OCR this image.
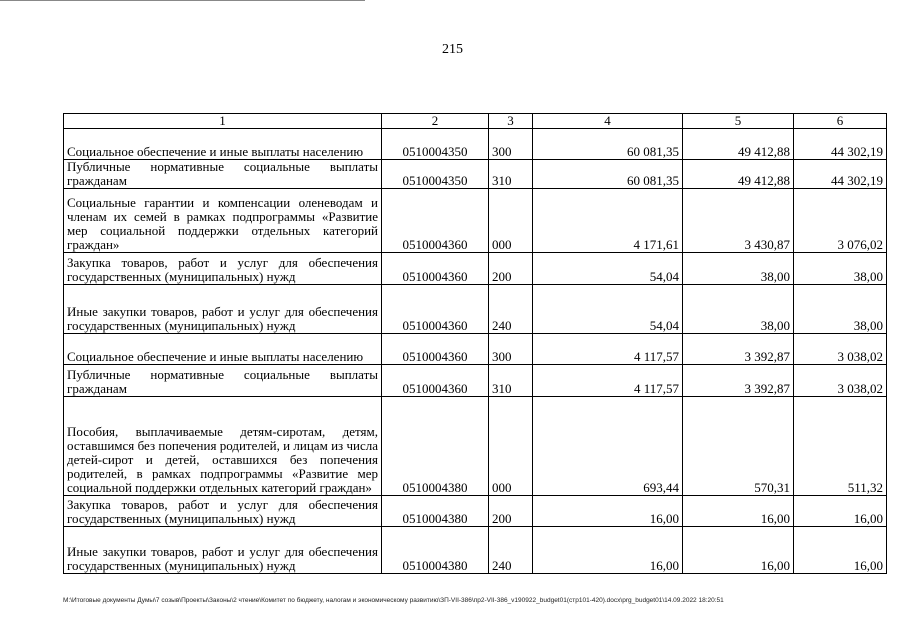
215
1	2	3	4	5	6
Социальное обеспечение и иные выплаты населению	0510004350	300	60 081,35	49 412,88	44 302,19
Публичные нормативные социальные выплаты гражданам	0510004350	310	60 081,35	49 412,88	44 302,19
Социальные гарантии и компенсации оленеводам и членам их семей в рамках подпрограммы «Развитие мер социальной поддержки отдельных категорий граждан»	0510004360	000	4 171,61	3 430,87	3 076,02
Закупка товаров, работ и услуг для обеспечения государственных (муниципальных) нужд	0510004360	200	54,04	38,00	38,00
Иные закупки товаров, работ и услуг для обеспечения государственных (муниципальных) нужд	0510004360	240	54,04	38,00	38,00
Социальное обеспечение и иные выплаты населению	0510004360	300	4 117,57	3 392,87	3 038,02
Публичные нормативные социальные выплаты гражданам	0510004360	310	4 117,57	3 392,87	3 038,02
Пособия, выплачиваемые детям-сиротам, детям, оставшимся без попечения родителей, и лицам из числа детей-сирот и детей, оставшихся без попечения родителей, в рамках подпрограммы «Развитие мер социальной поддержки отдельных категорий граждан»	0510004380	000	693,44	570,31	511,32
Закупка товаров, работ и услуг для обеспечения государственных (муниципальных) нужд	0510004380	200	16,00	16,00	16,00
Иные закупки товаров, работ и услуг для обеспечения государственных (муниципальных) нужд	0510004380	240	16,00	16,00	16,00
M:\Итоговые документы Думы\7 созыв\Проекты\Законы\2 чтение\Комитет по бюджету, налогам и экономическому развитию\ЗП-VII-386\пр2-VII-386_v190922_budget01(стр101-420).docx\prg_budget01\14.09.2022 18:20:51
